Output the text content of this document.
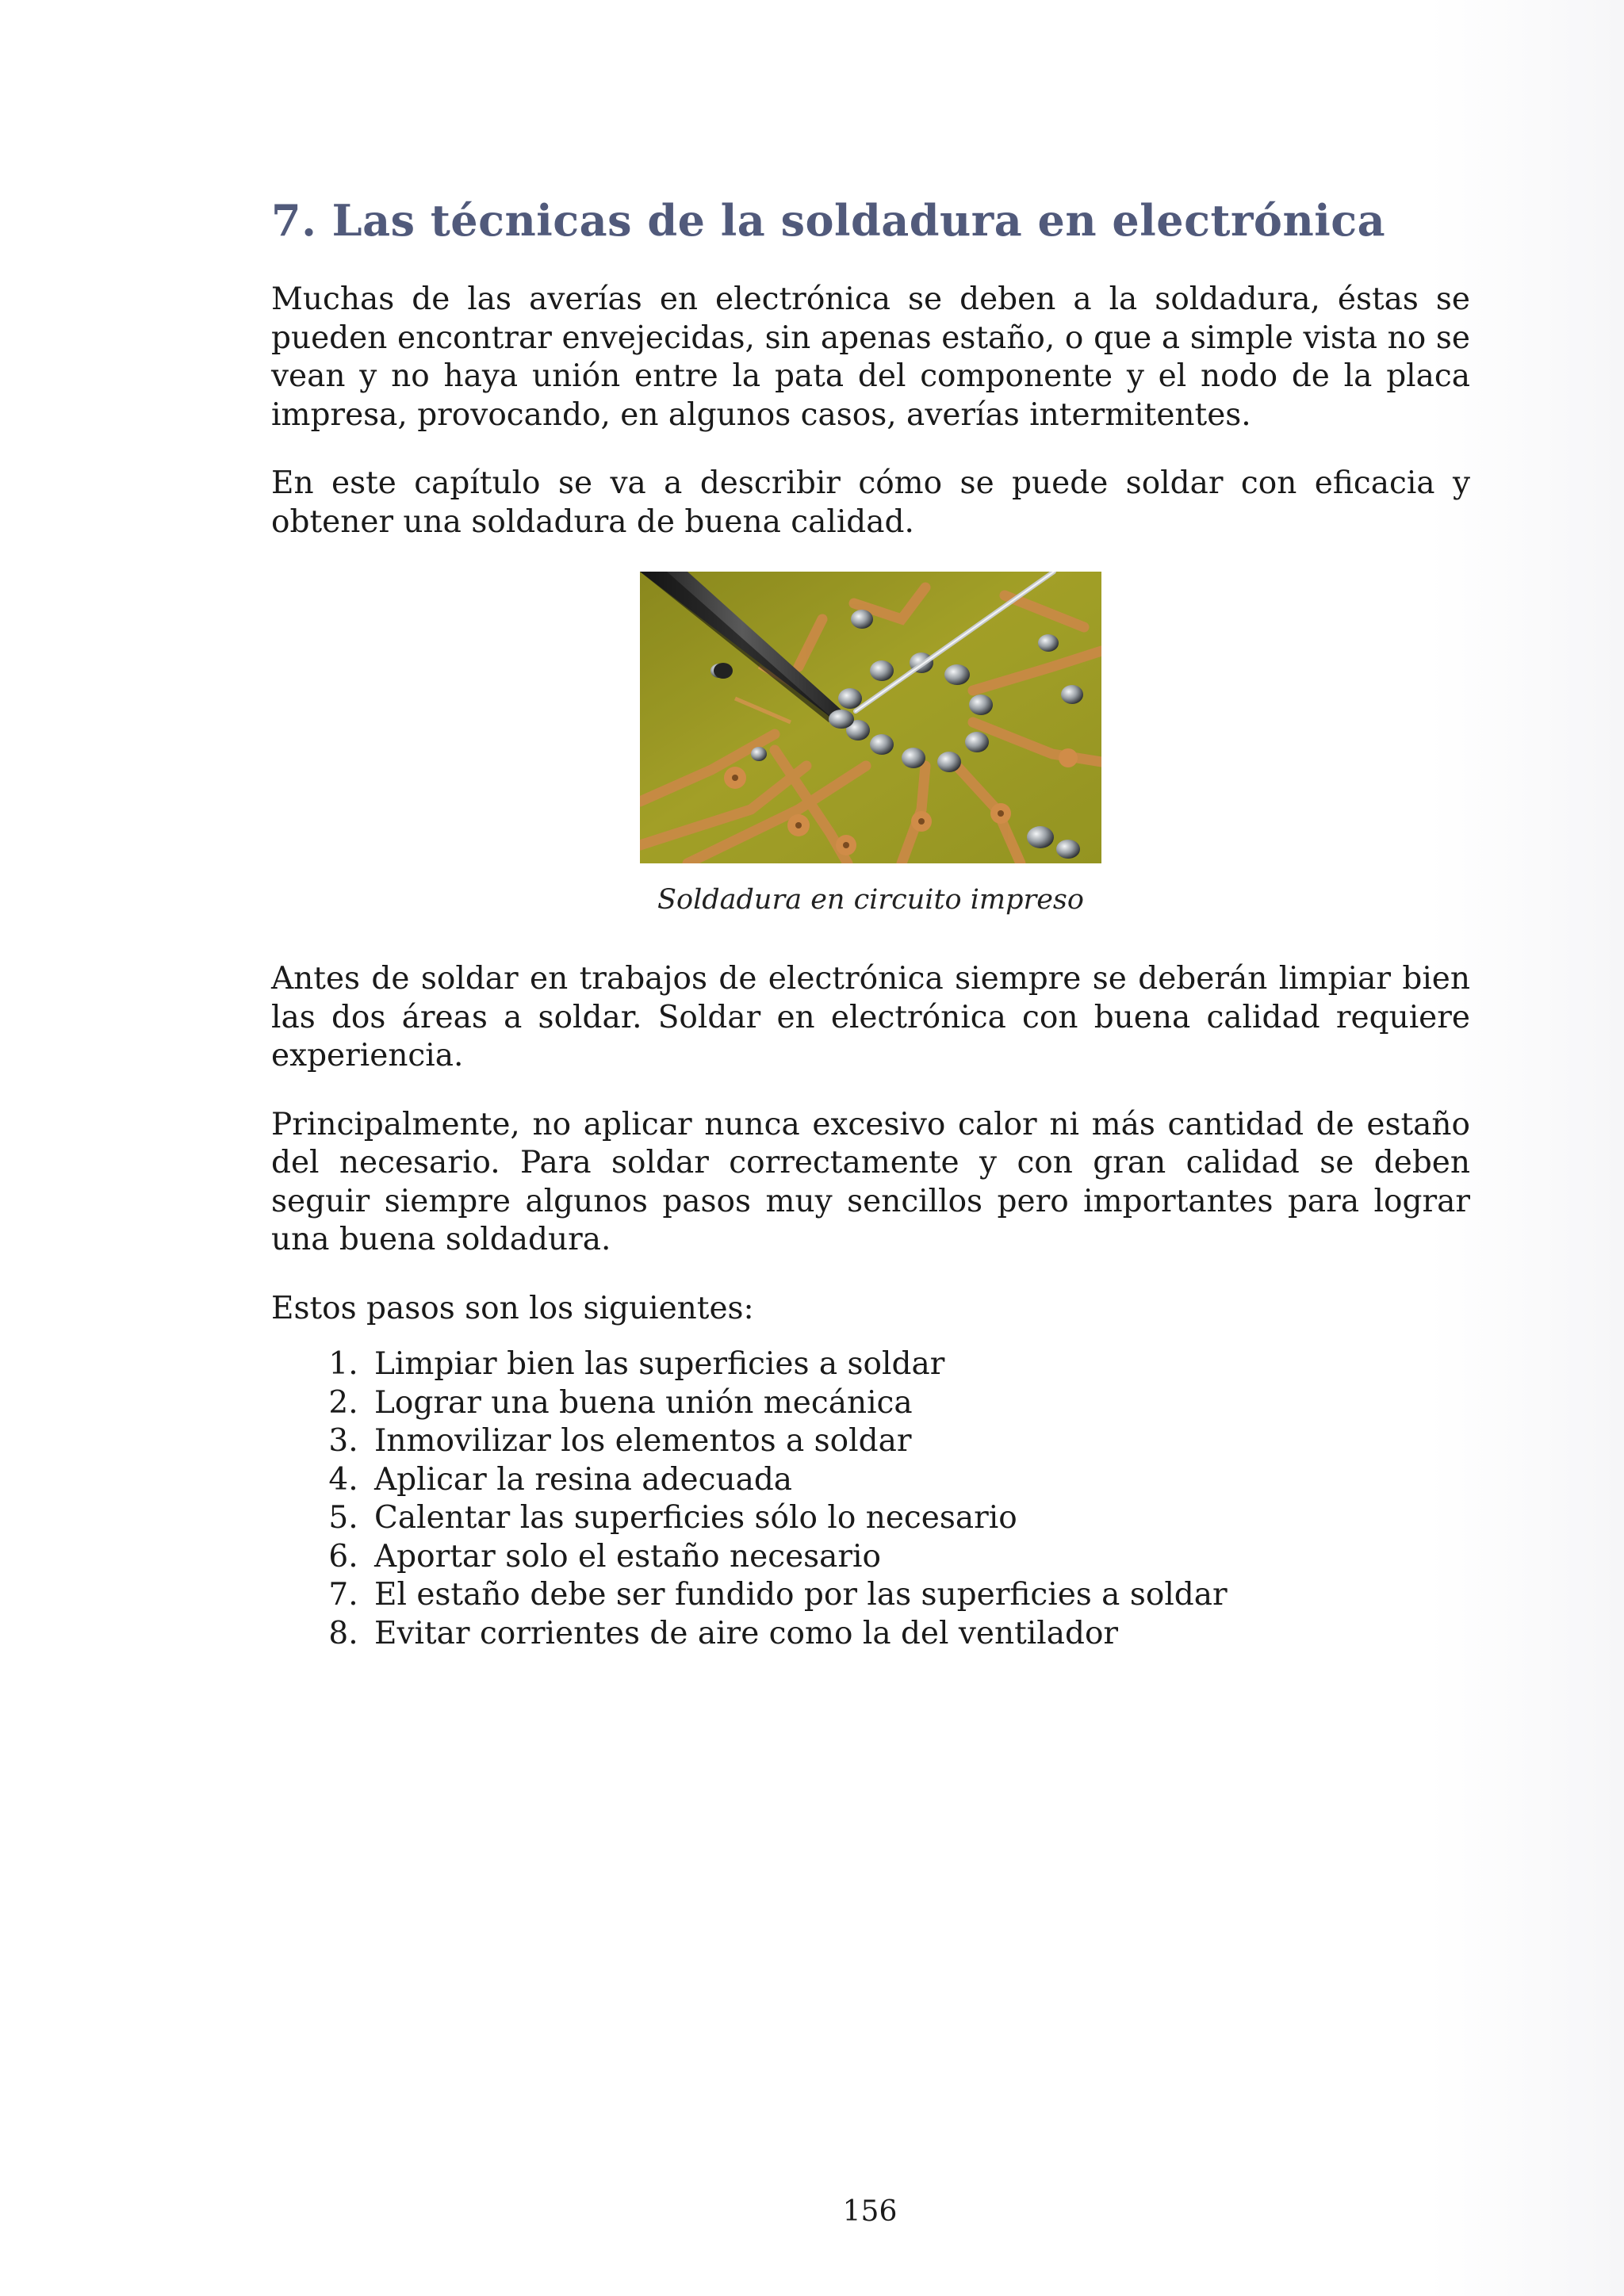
7. Las técnicas de la soldadura en electrónica

Muchas de las averías en electrónica se deben a la soldadura, éstas se pueden encontrar envejecidas, sin apenas estaño, o que a simple vista no se vean y no haya unión entre la pata del componente y el nodo de la placa impresa, provocando, en algunos casos, averías intermitentes.

En este capítulo se va a describir cómo se puede soldar con eficacia y obtener una soldadura de buena calidad.

Soldadura en circuito impreso

Antes de soldar en trabajos de electrónica siempre se deberán limpiar bien las dos áreas a soldar. Soldar en electrónica con buena calidad requiere experiencia.

Principalmente, no aplicar nunca excesivo calor ni más cantidad de estaño del necesario. Para soldar correctamente y con gran calidad se deben seguir siempre algunos pasos muy sencillos pero importantes para lograr una buena soldadura.

Estos pasos son los siguientes:

1. Limpiar bien las superficies a soldar
2. Lograr una buena unión mecánica
3. Inmovilizar los elementos a soldar
4. Aplicar la resina adecuada
5. Calentar las superficies sólo lo necesario
6. Aportar solo el estaño necesario
7. El estaño debe ser fundido por las superficies a soldar
8. Evitar corrientes de aire como la del ventilador
156
